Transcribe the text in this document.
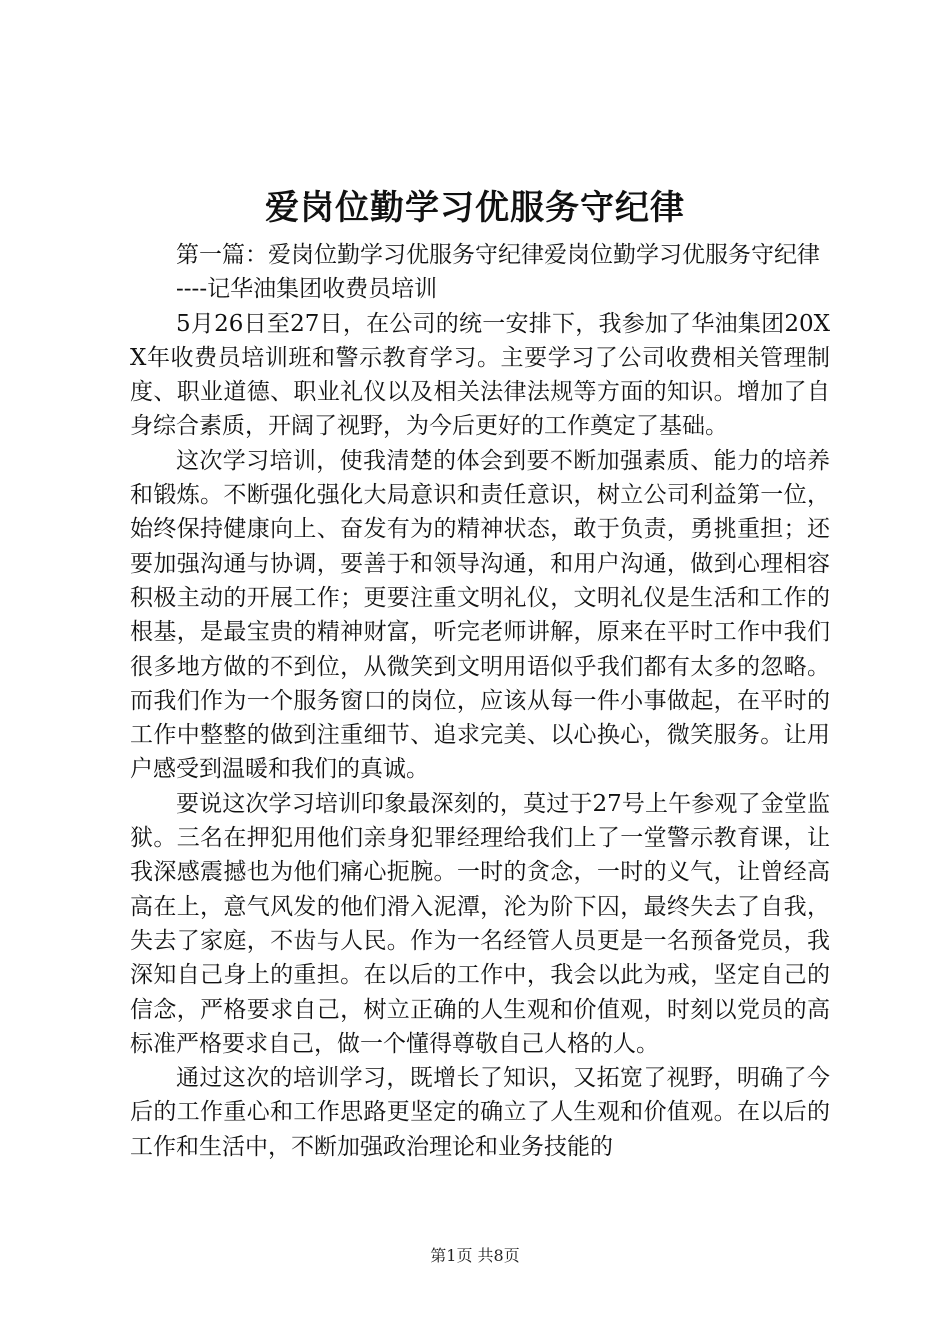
爱岗位勤学习优服务守纪律

第一篇：爱岗位勤学习优服务守纪律爱岗位勤学习优服务守纪律

----记华油集团收费员培训

5月26日至27日，在公司的统一安排下，我参加了华油集团20XX年收费员培训班和警示教育学习。主要学习了公司收费相关管理制度、职业道德、职业礼仪以及相关法律法规等方面的知识。增加了自身综合素质，开阔了视野，为今后更好的工作奠定了基础。

这次学习培训，使我清楚的体会到要不断加强素质、能力的培养和锻炼。不断强化强化大局意识和责任意识，树立公司利益第一位，始终保持健康向上、奋发有为的精神状态，敢于负责，勇挑重担；还要加强沟通与协调，要善于和领导沟通，和用户沟通，做到心理相容积极主动的开展工作；更要注重文明礼仪，文明礼仪是生活和工作的根基，是最宝贵的精神财富，听完老师讲解，原来在平时工作中我们很多地方做的不到位，从微笑到文明用语似乎我们都有太多的忽略。而我们作为一个服务窗口的岗位，应该从每一件小事做起，在平时的工作中整整的做到注重细节、追求完美、以心换心，微笑服务。让用户感受到温暖和我们的真诚。

要说这次学习培训印象最深刻的，莫过于27号上午参观了金堂监狱。三名在押犯用他们亲身犯罪经理给我们上了一堂警示教育课，让我深感震撼也为他们痛心扼腕。一时的贪念，一时的义气，让曾经高高在上，意气风发的他们滑入泥潭，沦为阶下囚，最终失去了自我，失去了家庭，不齿与人民。作为一名经管人员更是一名预备党员，我深知自己身上的重担。在以后的工作中，我会以此为戒，坚定自己的信念，严格要求自己，树立正确的人生观和价值观，时刻以党员的高标准严格要求自己，做一个懂得尊敬自己人格的人。

通过这次的培训学习，既增长了知识，又拓宽了视野，明确了今后的工作重心和工作思路更坚定的确立了人生观和价值观。在以后的工作和生活中，不断加强政治理论和业务技能的

第1页 共8页
